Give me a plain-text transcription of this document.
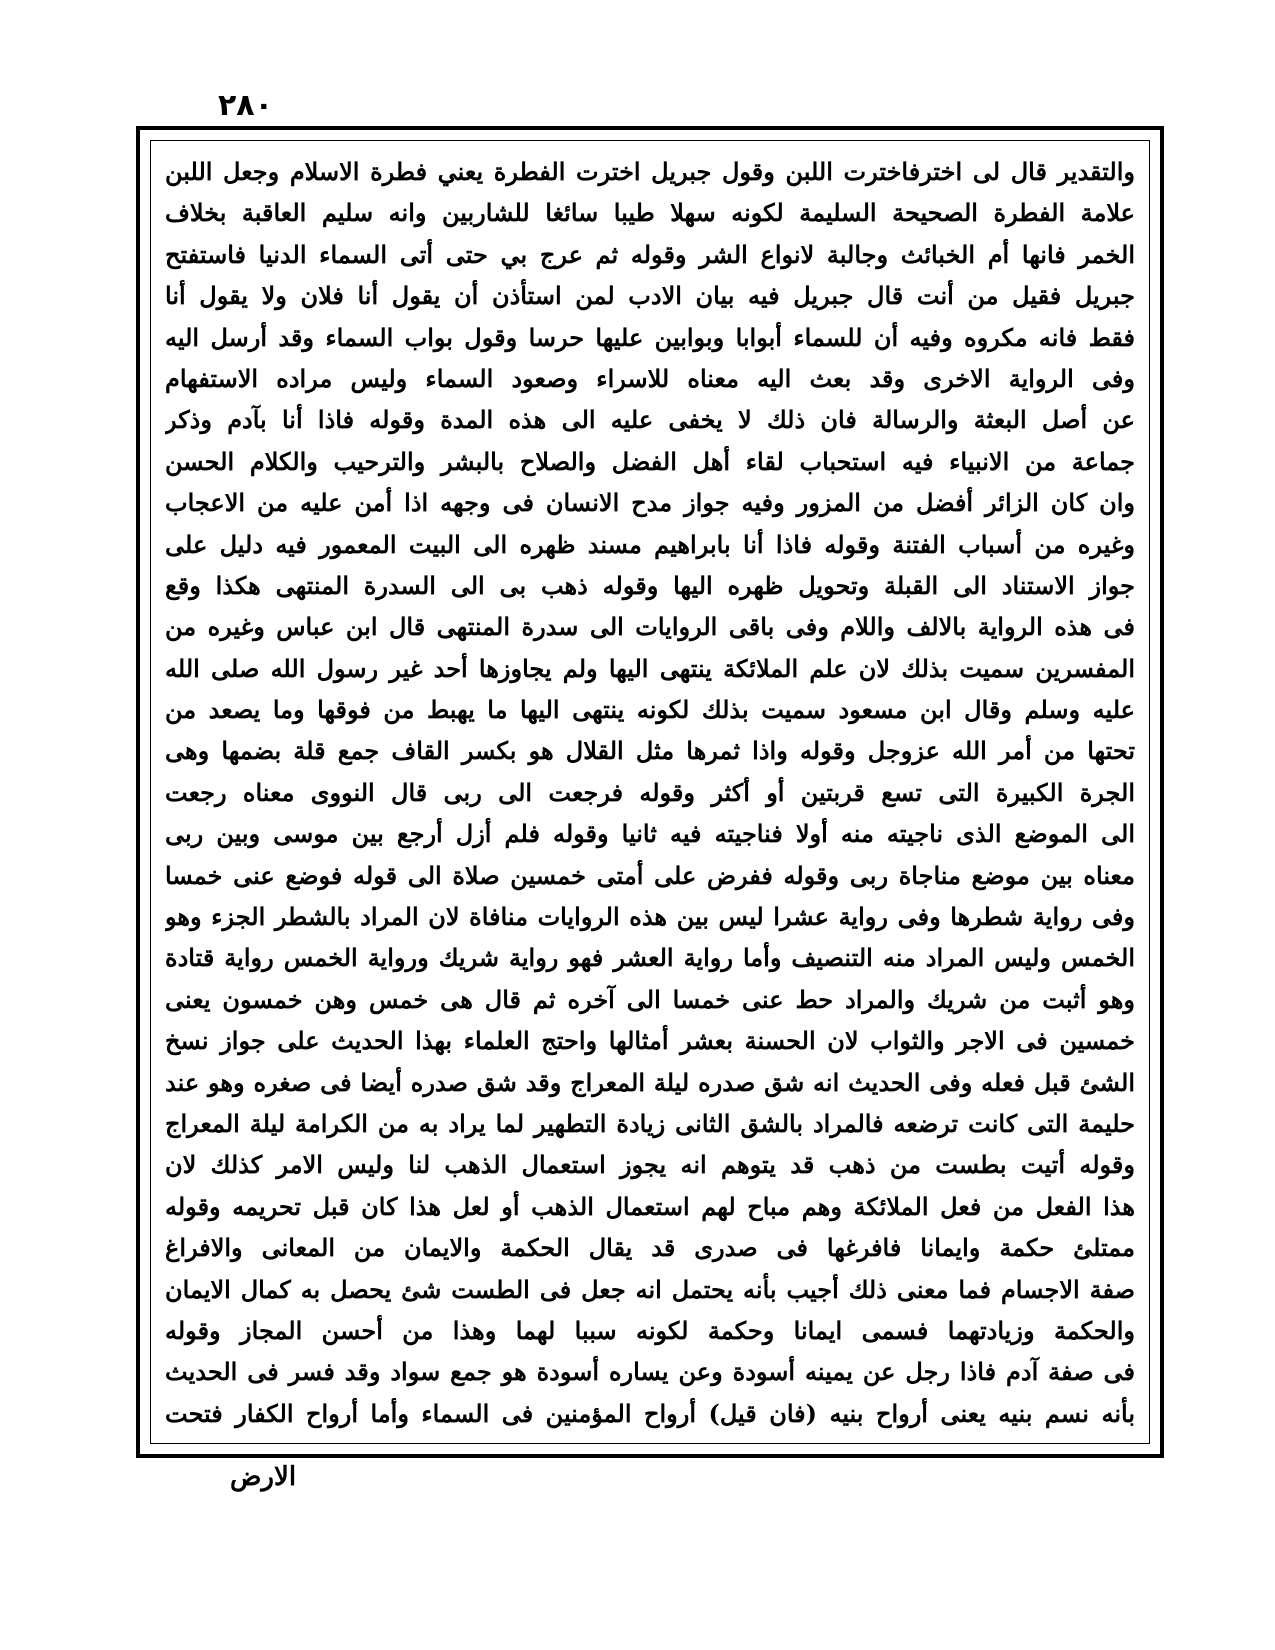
٢٨٠
والتقدير قال لى اخترفاخترت اللبن وقول جبريل اخترت الفطرة يعني فطرة الاسلام وجعل اللبن
علامة الفطرة الصحيحة السليمة لكونه سهلا طيبا سائغا للشاربين وانه سليم العاقبة بخلاف
الخمر فانها أم الخبائث وجالبة لانواع الشر وقوله ثم عرج بي حتى أتى السماء الدنيا فاستفتح
جبريل فقيل من أنت قال جبريل فيه بيان الادب لمن استأذن أن يقول أنا فلان ولا يقول أنا
فقط فانه مكروه وفيه أن للسماء أبوابا وبوابين عليها حرسا وقول بواب السماء وقد أرسل اليه
وفى الرواية الاخرى وقد بعث اليه معناه للاسراء وصعود السماء وليس مراده الاستفهام
عن أصل البعثة والرسالة فان ذلك لا يخفى عليه الى هذه المدة وقوله فاذا أنا بآدم وذكر
جماعة من الانبياء فيه استحباب لقاء أهل الفضل والصلاح بالبشر والترحيب والكلام الحسن
وان كان الزائر أفضل من المزور وفيه جواز مدح الانسان فى وجهه اذا أمن عليه من الاعجاب
وغيره من أسباب الفتنة وقوله فاذا أنا بابراهيم مسند ظهره الى البيت المعمور فيه دليل على
جواز الاستناد الى القبلة وتحويل ظهره اليها وقوله ذهب بى الى السدرة المنتهى هكذا وقع
فى هذه الرواية بالالف واللام وفى باقى الروايات الى سدرة المنتهى قال ابن عباس وغيره من
المفسرين سميت بذلك لان علم الملائكة ينتهى اليها ولم يجاوزها أحد غير رسول الله صلى الله
عليه وسلم وقال ابن مسعود سميت بذلك لكونه ينتهى اليها ما يهبط من فوقها وما يصعد من
تحتها من أمر الله عزوجل وقوله واذا ثمرها مثل القلال هو بكسر القاف جمع قلة بضمها وهى
الجرة الكبيرة التى تسع قربتين أو أكثر وقوله فرجعت الى ربى قال النووى معناه رجعت
الى الموضع الذى ناجيته منه أولا فناجيته فيه ثانيا وقوله فلم أزل أرجع بين موسى وبين ربى
معناه بين موضع مناجاة ربى وقوله ففرض على أمتى خمسين صلاة الى قوله فوضع عنى خمسا
وفى رواية شطرها وفى رواية عشرا ليس بين هذه الروايات منافاة لان المراد بالشطر الجزء وهو
الخمس وليس المراد منه التنصيف وأما رواية العشر فهو رواية شريك ورواية الخمس رواية قتادة
وهو أثبت من شريك والمراد حط عنى خمسا الى آخره ثم قال هى خمس وهن خمسون يعنى
خمسين فى الاجر والثواب لان الحسنة بعشر أمثالها واحتج العلماء بهذا الحديث على جواز نسخ
الشئ قبل فعله وفى الحديث انه شق صدره ليلة المعراج وقد شق صدره أيضا فى صغره وهو عند
حليمة التى كانت ترضعه فالمراد بالشق الثانى زيادة التطهير لما يراد به من الكرامة ليلة المعراج
وقوله أتيت بطست من ذهب قد يتوهم انه يجوز استعمال الذهب لنا وليس الامر كذلك لان
هذا الفعل من فعل الملائكة وهم مباح لهم استعمال الذهب أو لعل هذا كان قبل تحريمه وقوله
ممتلئ حكمة وايمانا فافرغها فى صدرى قد يقال الحكمة والايمان من المعانى والافراغ
صفة الاجسام فما معنى ذلك أجيب بأنه يحتمل انه جعل فى الطست شئ يحصل به كمال الايمان
والحكمة وزيادتهما فسمى ايمانا وحكمة لكونه سببا لهما وهذا من أحسن المجاز وقوله
فى صفة آدم فاذا رجل عن يمينه أسودة وعن يساره أسودة هو جمع سواد وقد فسر فى الحديث
بأنه نسم بنيه يعنى أرواح بنيه (فان قيل) أرواح المؤمنين فى السماء وأما أرواح الكفار فتحت
الارض
